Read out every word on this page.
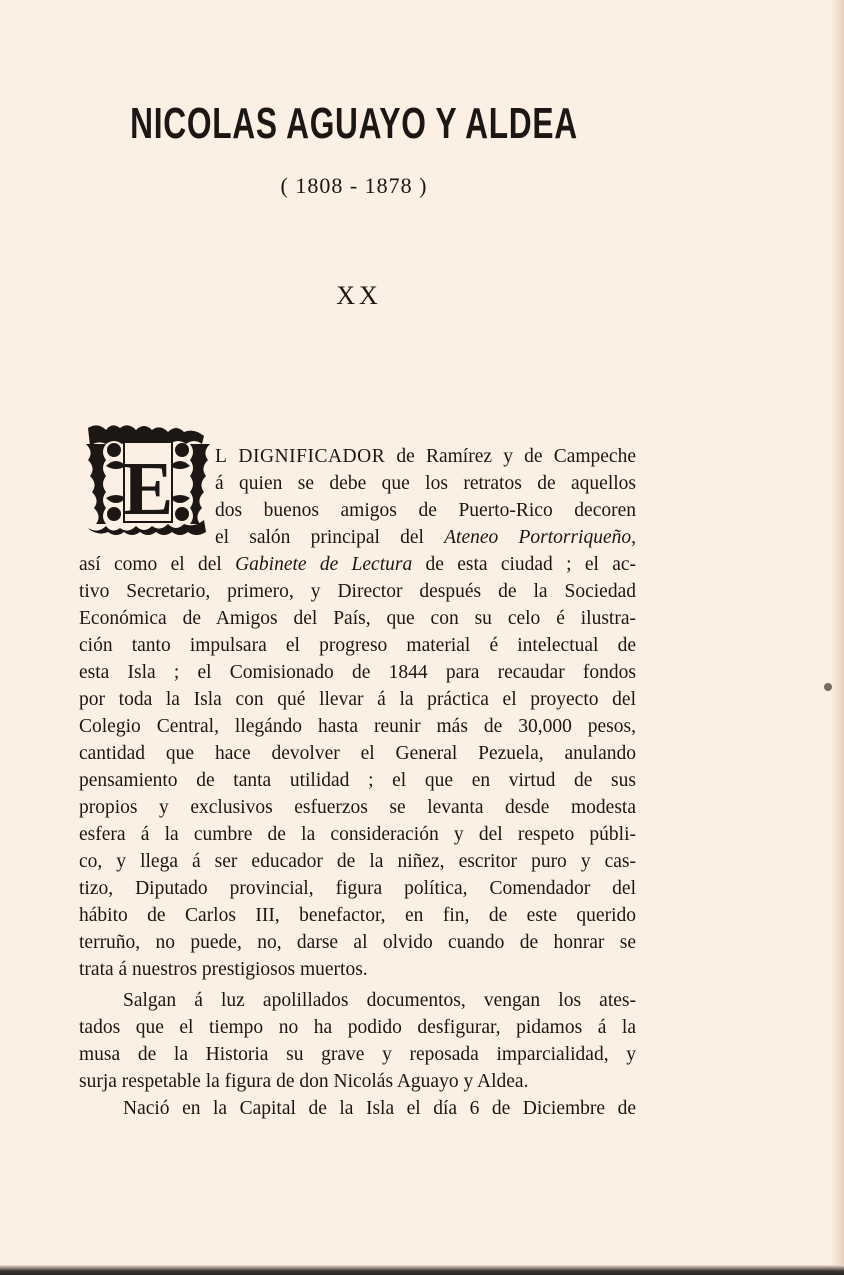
NICOLAS AGUAYO Y ALDEA
( 1808 - 1878 )
XX
E L DIGNIFICADOR de Ramírez y de Campeche
á quien se debe que los retratos de aquellos
dos buenos amigos de Puerto-Rico decoren
el salón principal del Ateneo Portorriqueño,
así como el del Gabinete de Lectura de esta ciudad ; el ac-
tivo Secretario, primero, y Director después de la Sociedad
Económica de Amigos del País, que con su celo é ilustra-
ción tanto impulsara el progreso material é intelectual de
esta Isla ; el Comisionado de 1844 para recaudar fondos
por toda la Isla con qué llevar á la práctica el proyecto del
Colegio Central, llegándo hasta reunir más de 30,000 pesos,
cantidad que hace devolver el General Pezuela, anulando
pensamiento de tanta utilidad ; el que en virtud de sus
propios y exclusivos esfuerzos se levanta desde modesta
esfera á la cumbre de la consideración y del respeto públi-
co, y llega á ser educador de la niñez, escritor puro y cas-
tizo, Diputado provincial, figura política, Comendador del
hábito de Carlos III, benefactor, en fin, de este querido
terruño, no puede, no, darse al olvido cuando de honrar se
trata á nuestros prestigiosos muertos.
Salgan á luz apolillados documentos, vengan los ates-
tados que el tiempo no ha podido desfigurar, pidamos á la
musa de la Historia su grave y reposada imparcialidad, y
surja respetable la figura de don Nicolás Aguayo y Aldea.
Nació en la Capital de la Isla el día 6 de Diciembre de
